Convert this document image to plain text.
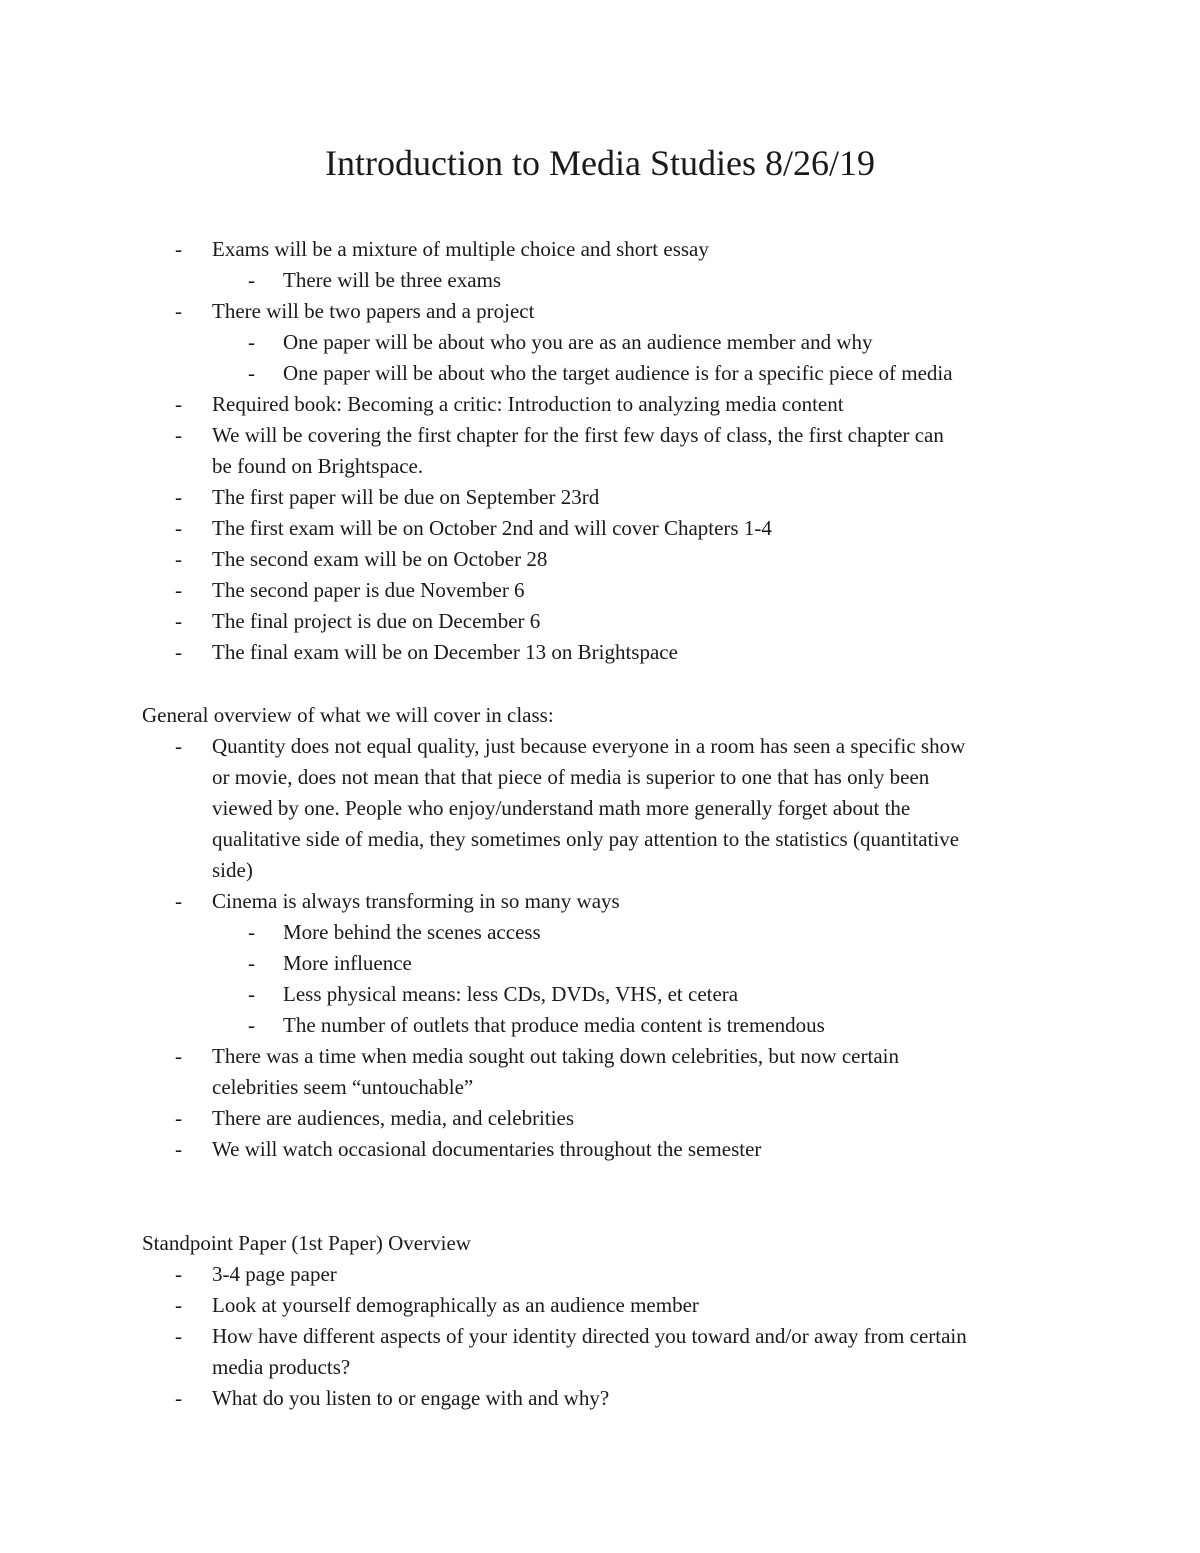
Introduction to Media Studies 8/26/19
- Exams will be a mixture of multiple choice and short essay
- There will be three exams
- There will be two papers and a project
- One paper will be about who you are as an audience member and why
- One paper will be about who the target audience is for a specific piece of media
- Required book: Becoming a critic: Introduction to analyzing media content
- We will be covering the first chapter for the first few days of class, the first chapter can
be found on Brightspace.
- The first paper will be due on September 23rd
- The first exam will be on October 2nd and will cover Chapters 1-4
- The second exam will be on October 28
- The second paper is due November 6
- The final project is due on December 6
- The final exam will be on December 13 on Brightspace
General overview of what we will cover in class:
- Quantity does not equal quality, just because everyone in a room has seen a specific show
or movie, does not mean that that piece of media is superior to one that has only been
viewed by one. People who enjoy/understand math more generally forget about the
qualitative side of media, they sometimes only pay attention to the statistics (quantitative
side)
- Cinema is always transforming in so many ways
- More behind the scenes access
- More influence
- Less physical means: less CDs, DVDs, VHS, et cetera
- The number of outlets that produce media content is tremendous
- There was a time when media sought out taking down celebrities, but now certain
celebrities seem “untouchable”
- There are audiences, media, and celebrities
- We will watch occasional documentaries throughout the semester
Standpoint Paper (1st Paper) Overview
- 3-4 page paper
- Look at yourself demographically as an audience member
- How have different aspects of your identity directed you toward and/or away from certain
media products?
- What do you listen to or engage with and why?
